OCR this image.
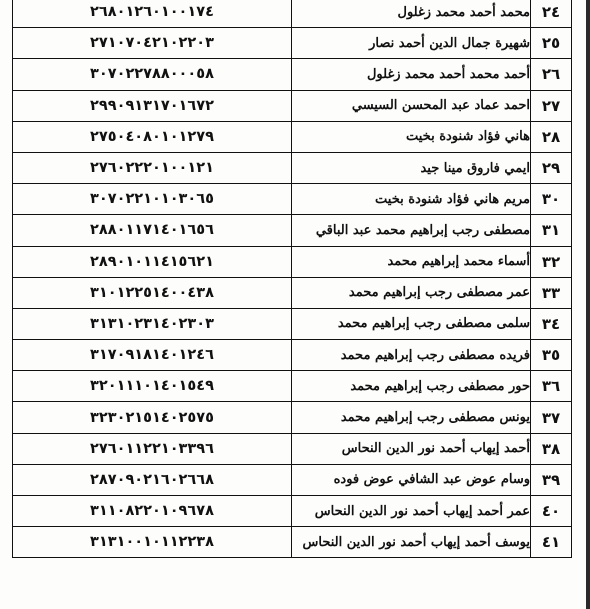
٢٤	محمد أحمد محمد زغلول	٢٦٨٠١٢٦٠١٠٠١٧٤
٢٥	شهيرة جمال الدين أحمد نصار	٢٧١٠٧٠٤٢١٠٢٢٠٣
٢٦	أحمد محمد أحمد محمد زغلول	٣٠٧٠٢٢٧٨٨٠٠٠٥٨
٢٧	احمد عماد عبد المحسن السيسي	٢٩٩٠٩١٣١٧٠١٦٧٢
٢٨	هاني فؤاد شنودة بخيت	٢٧٥٠٤٠٨٠١٠١٢٧٩
٢٩	ايمي فاروق مينا جيد	٢٧٦٠٢٢٢٠١٠٠١٢١
٣٠	مريم هاني فؤاد شنودة بخيت	٣٠٧٠٢٢١٠١٠٣٠٦٥
٣١	مصطفى رجب إبراهيم محمد عبد الباقي	٢٨٨٠١١٧١٤٠١٦٥٦
٣٢	أسماء محمد إبراهيم محمد	٢٨٩٠١٠١١٤١٥٦٢١
٣٣	عمر مصطفى رجب إبراهيم محمد	٣١٠١٢٢٥١٤٠٠٤٣٨
٣٤	سلمى مصطفى رجب إبراهيم محمد	٣١٣١٠٢٣١٤٠٢٣٠٣
٣٥	فريده مصطفى رجب إبراهيم محمد	٣١٧٠٩١٨١٤٠١٢٤٦
٣٦	حور مصطفى رجب إبراهيم محمد	٣٢٠١١١٠١٤٠١٥٤٩
٣٧	يونس مصطفى رجب إبراهيم محمد	٣٢٣٠٢١٥١٤٠٢٥٧٥
٣٨	أحمد إيهاب أحمد نور الدين النحاس	٢٧٦٠١١٢٢١٠٣٣٩٦
٣٩	وسام عوض عبد الشافي عوض فوده	٢٨٧٠٩٠٢١٦٠٢٦٦٨
٤٠	عمر أحمد إيهاب أحمد نور الدين النحاس	٣١١٠٨٢٢٠١٠٩٦٧٨
٤١	يوسف أحمد إيهاب أحمد نور الدين النحاس	٣١٣١٠٠١٠١١٢٢٣٨
